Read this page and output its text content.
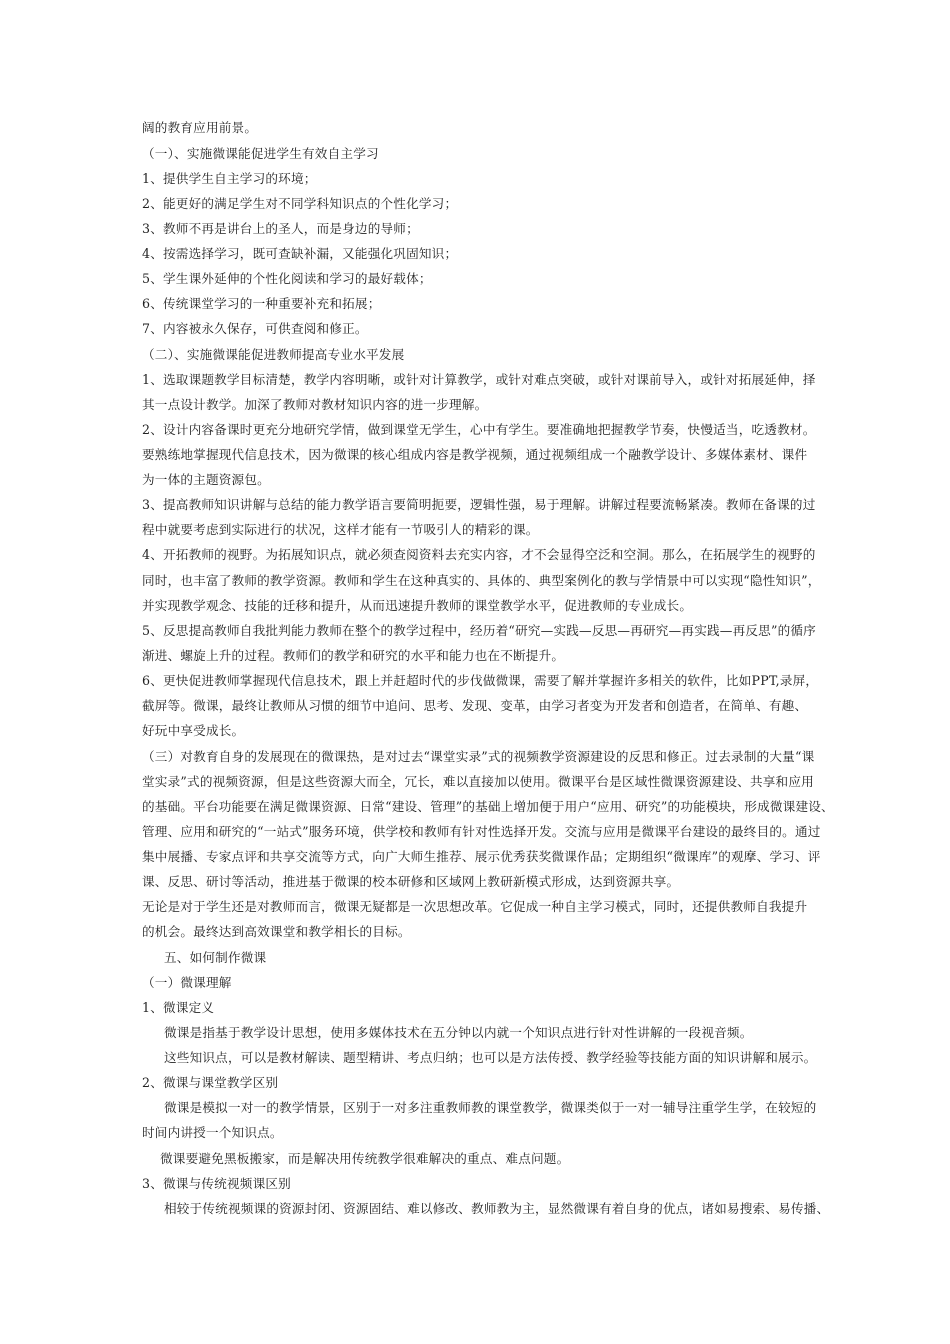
阔的教育应用前景。
（一）、实施微课能促进学生有效自主学习
1、提供学生自主学习的环境；
2、能更好的满足学生对不同学科知识点的个性化学习；
3、教师不再是讲台上的圣人，而是身边的导师；
4、按需选择学习，既可查缺补漏，又能强化巩固知识；
5、学生课外延伸的个性化阅读和学习的最好载体；
6、传统课堂学习的一种重要补充和拓展；
7、内容被永久保存，可供查阅和修正。
（二）、实施微课能促进教师提高专业水平发展
1、选取课题教学目标清楚，教学内容明晰，或针对计算教学，或针对难点突破，或针对课前导入，或针对拓展延伸，择
其一点设计教学。加深了教师对教材知识内容的进一步理解。
2、设计内容备课时更充分地研究学情，做到课堂无学生，心中有学生。要准确地把握教学节奏，快慢适当，吃透教材。
要熟练地掌握现代信息技术，因为微课的核心组成内容是教学视频，通过视频组成一个融教学设计、多媒体素材、课件
为一体的主题资源包。
3、提高教师知识讲解与总结的能力教学语言要简明扼要，逻辑性强，易于理解。讲解过程要流畅紧凑。教师在备课的过
程中就要考虑到实际进行的状况，这样才能有一节吸引人的精彩的课。
4、开拓教师的视野。为拓展知识点，就必须查阅资料去充实内容，才不会显得空泛和空洞。那么，在拓展学生的视野的
同时，也丰富了教师的教学资源。教师和学生在这种真实的、具体的、典型案例化的教与学情景中可以实现“隐性知识”，
并实现教学观念、技能的迁移和提升，从而迅速提升教师的课堂教学水平，促进教师的专业成长。
5、反思提高教师自我批判能力教师在整个的教学过程中，经历着“研究—实践—反思—再研究—再实践—再反思”的循序
渐进、螺旋上升的过程。教师们的教学和研究的水平和能力也在不断提升。
6、更快促进教师掌握现代信息技术，跟上并赶超时代的步伐做微课，需要了解并掌握许多相关的软件，比如PPT,录屏，
截屏等。微课，最终让教师从习惯的细节中追问、思考、发现、变革，由学习者变为开发者和创造者，在简单、有趣、
好玩中享受成长。
（三）对教育自身的发展现在的微课热，是对过去“课堂实录”式的视频教学资源建设的反思和修正。过去录制的大量“课
堂实录”式的视频资源，但是这些资源大而全，冗长，难以直接加以使用。微课平台是区域性微课资源建设、共享和应用
的基础。平台功能要在满足微课资源、日常“建设、管理”的基础上增加便于用户“应用、研究”的功能模块，形成微课建设、
管理、应用和研究的“一站式”服务环境，供学校和教师有针对性选择开发。交流与应用是微课平台建设的最终目的。通过
集中展播、专家点评和共享交流等方式，向广大师生推荐、展示优秀获奖微课作品；定期组织“微课库”的观摩、学习、评
课、反思、研讨等活动，推进基于微课的校本研修和区域网上教研新模式形成，达到资源共享。
无论是对于学生还是对教师而言，微课无疑都是一次思想改革。它促成一种自主学习模式，同时，还提供教师自我提升
的机会。最终达到高效课堂和教学相长的目标。
五、如何制作微课
（一）微课理解
1、微课定义
微课是指基于教学设计思想，使用多媒体技术在五分钟以内就一个知识点进行针对性讲解的一段视音频。
这些知识点，可以是教材解读、题型精讲、考点归纳；也可以是方法传授、教学经验等技能方面的知识讲解和展示。
2、微课与课堂教学区别
微课是模拟一对一的教学情景，区别于一对多注重教师教的课堂教学，微课类似于一对一辅导注重学生学，在较短的
时间内讲授一个知识点。
微课要避免黑板搬家，而是解决用传统教学很难解决的重点、难点问题。
3、微课与传统视频课区别
相较于传统视频课的资源封闭、资源固结、难以修改、教师教为主，显然微课有着自身的优点，诸如易搜索、易传播、
